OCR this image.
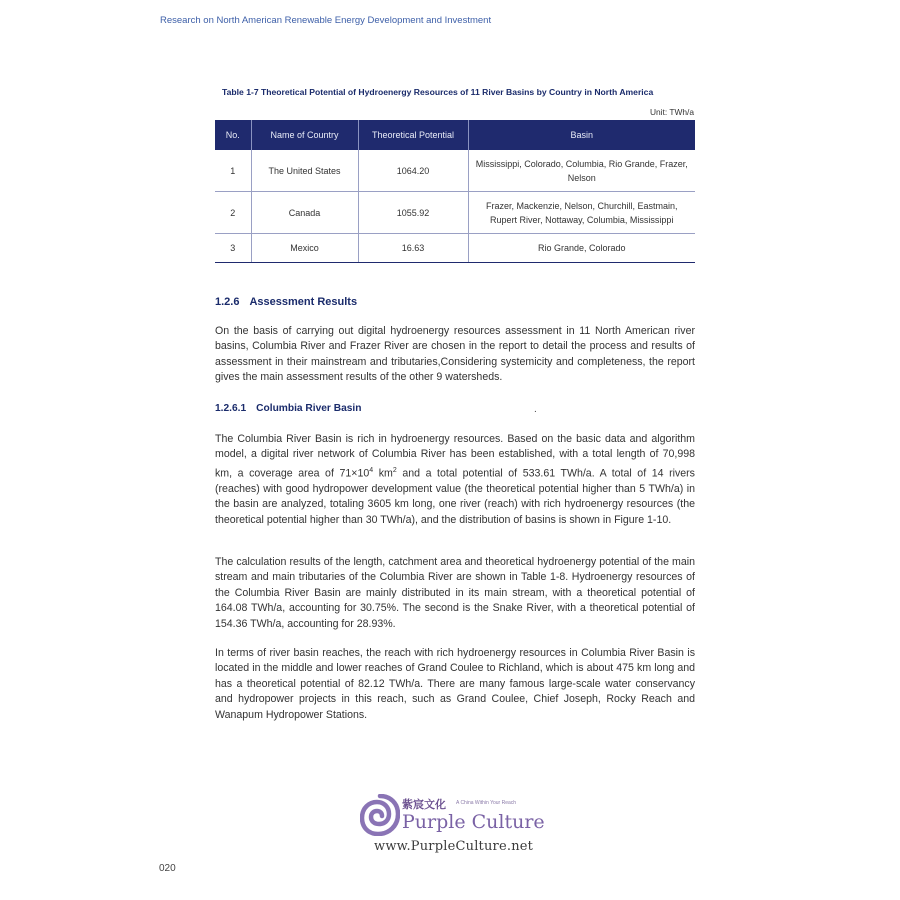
Research on North American Renewable Energy Development and Investment
Table 1-7 Theoretical Potential of Hydroenergy Resources of 11 River Basins by Country in North America
Unit: TWh/a
No.	Name of Country	Theoretical Potential	Basin
1	The United States	1064.20	Mississippi, Colorado, Columbia, Rio Grande, Frazer, Nelson
2	Canada	1055.92	Frazer, Mackenzie, Nelson, Churchill, Eastmain, Rupert River, Nottaway, Columbia, Mississippi
3	Mexico	16.63	Rio Grande, Colorado
1.2.6 Assessment Results

On the basis of carrying out digital hydroenergy resources assessment in 11 North American river basins, Columbia River and Frazer River are chosen in the report to detail the process and results of assessment in their mainstream and tributaries,Considering systemicity and completeness, the report gives the main assessment results of the other 9 watersheds.

1.2.6.1 Columbia River Basin	.

The Columbia River Basin is rich in hydroenergy resources. Based on the basic data and algorithm model, a digital river network of Columbia River has been established, with a total length of 70,998 km, a coverage area of $71\times 10^4$ $km^2$ and a total potential of 533.61 TWh/a. A total of 14 rivers (reaches) with good hydropower development value (the theoretical potential higher than 5 TWh/a) in the basin are analyzed, totaling 3605 km long, one river (reach) with rich hydroenergy resources (the theoretical potential higher than 30 TWh/a), and the distribution of basins is shown in Figure 1-10.

The calculation results of the length, catchment area and theoretical hydroenergy potential of the main stream and main tributaries of the Columbia River are shown in Table 1-8. Hydroenergy resources of the Columbia River Basin are mainly distributed in its main stream, with a theoretical potential of 164.08 TWh/a, accounting for 30.75%. The second is the Snake River, with a theoretical potential of 154.36 TWh/a, accounting for 28.93%.

In terms of river basin reaches, the reach with rich hydroenergy resources in Columbia River Basin is located in the middle and lower reaches of Grand Coulee to Richland, which is about 475 km long and has a theoretical potential of 82.12 TWh/a. There are many famous large-scale water conservancy and hydropower projects in this reach, such as Grand Coulee, Chief Joseph, Rocky Reach and Wanapum Hydropower Stations.

紫宸文化 A China Within Your Reach
Purple Culture
www.PurpleCulture.net
020
